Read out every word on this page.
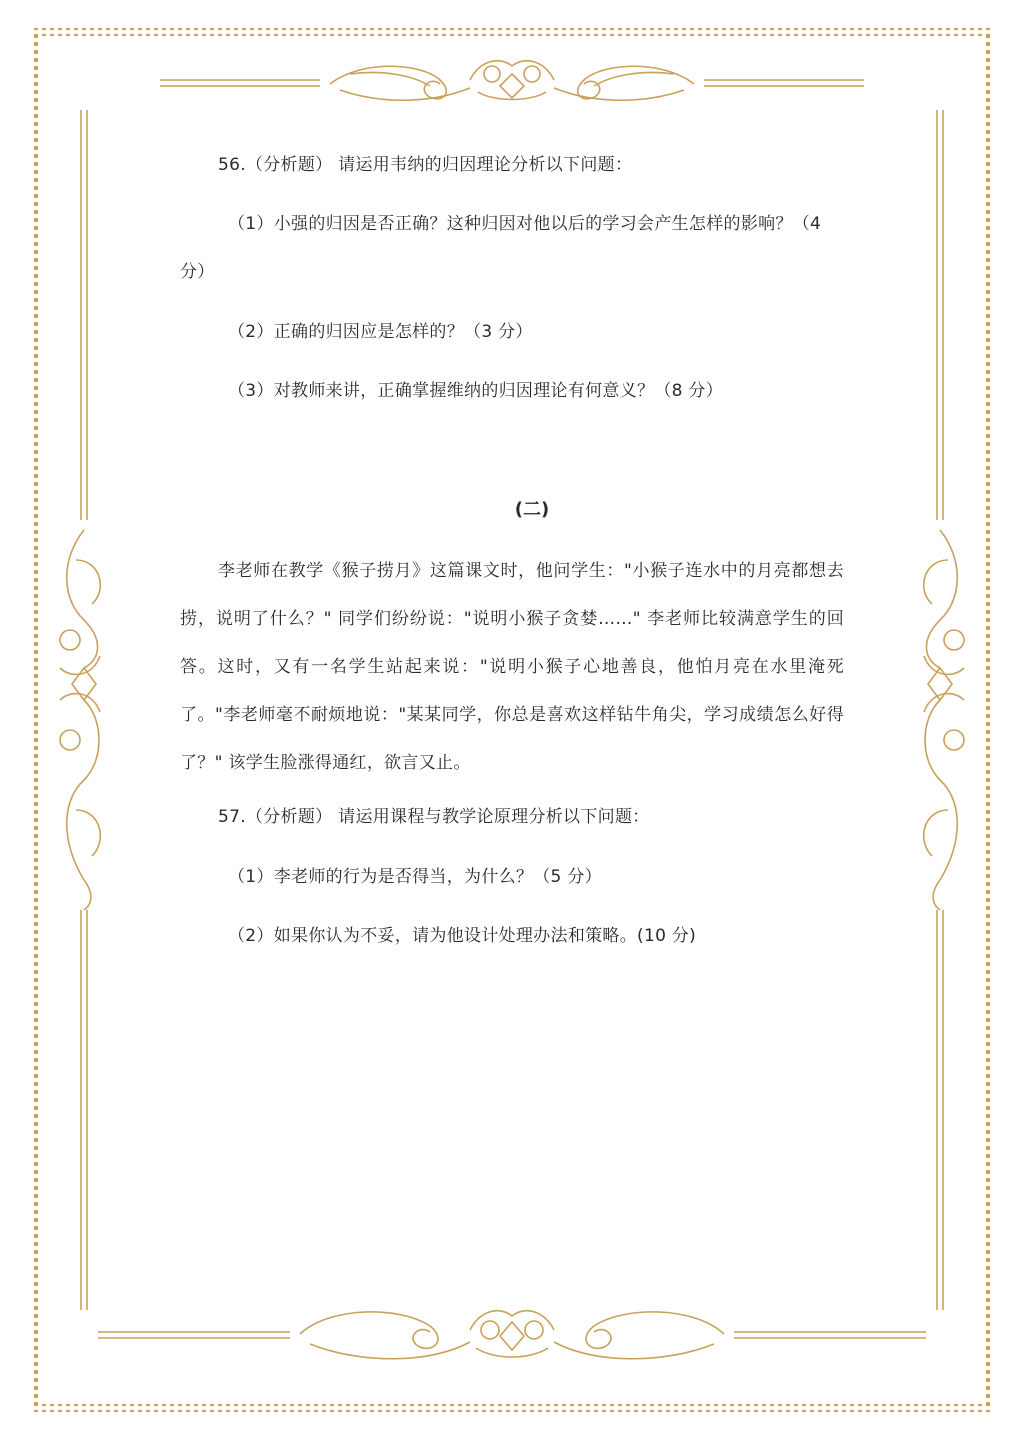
56.（分析题） 请运用韦纳的归因理论分析以下问题：
（1）小强的归因是否正确？这种归因对他以后的学习会产生怎样的影响？（4
分）
（2）正确的归因应是怎样的？（3 分）
（3）对教师来讲，正确掌握维纳的归因理论有何意义？（8 分）
(二)
李老师在教学《猴子捞月》这篇课文时，他问学生："小猴子连水中的月亮都想去捞，说明了什么？" 同学们纷纷说："说明小猴子贪婪……" 李老师比较满意学生的回答。这时，又有一名学生站起来说："说明小猴子心地善良，他怕月亮在水里淹死了。"李老师毫不耐烦地说："某某同学，你总是喜欢这样钻牛角尖，学习成绩怎么好得了？" 该学生脸涨得通红，欲言又止。
57.（分析题） 请运用课程与教学论原理分析以下问题：
（1）李老师的行为是否得当，为什么？（5 分）
（2）如果你认为不妥，请为他设计处理办法和策略。(10 分)
